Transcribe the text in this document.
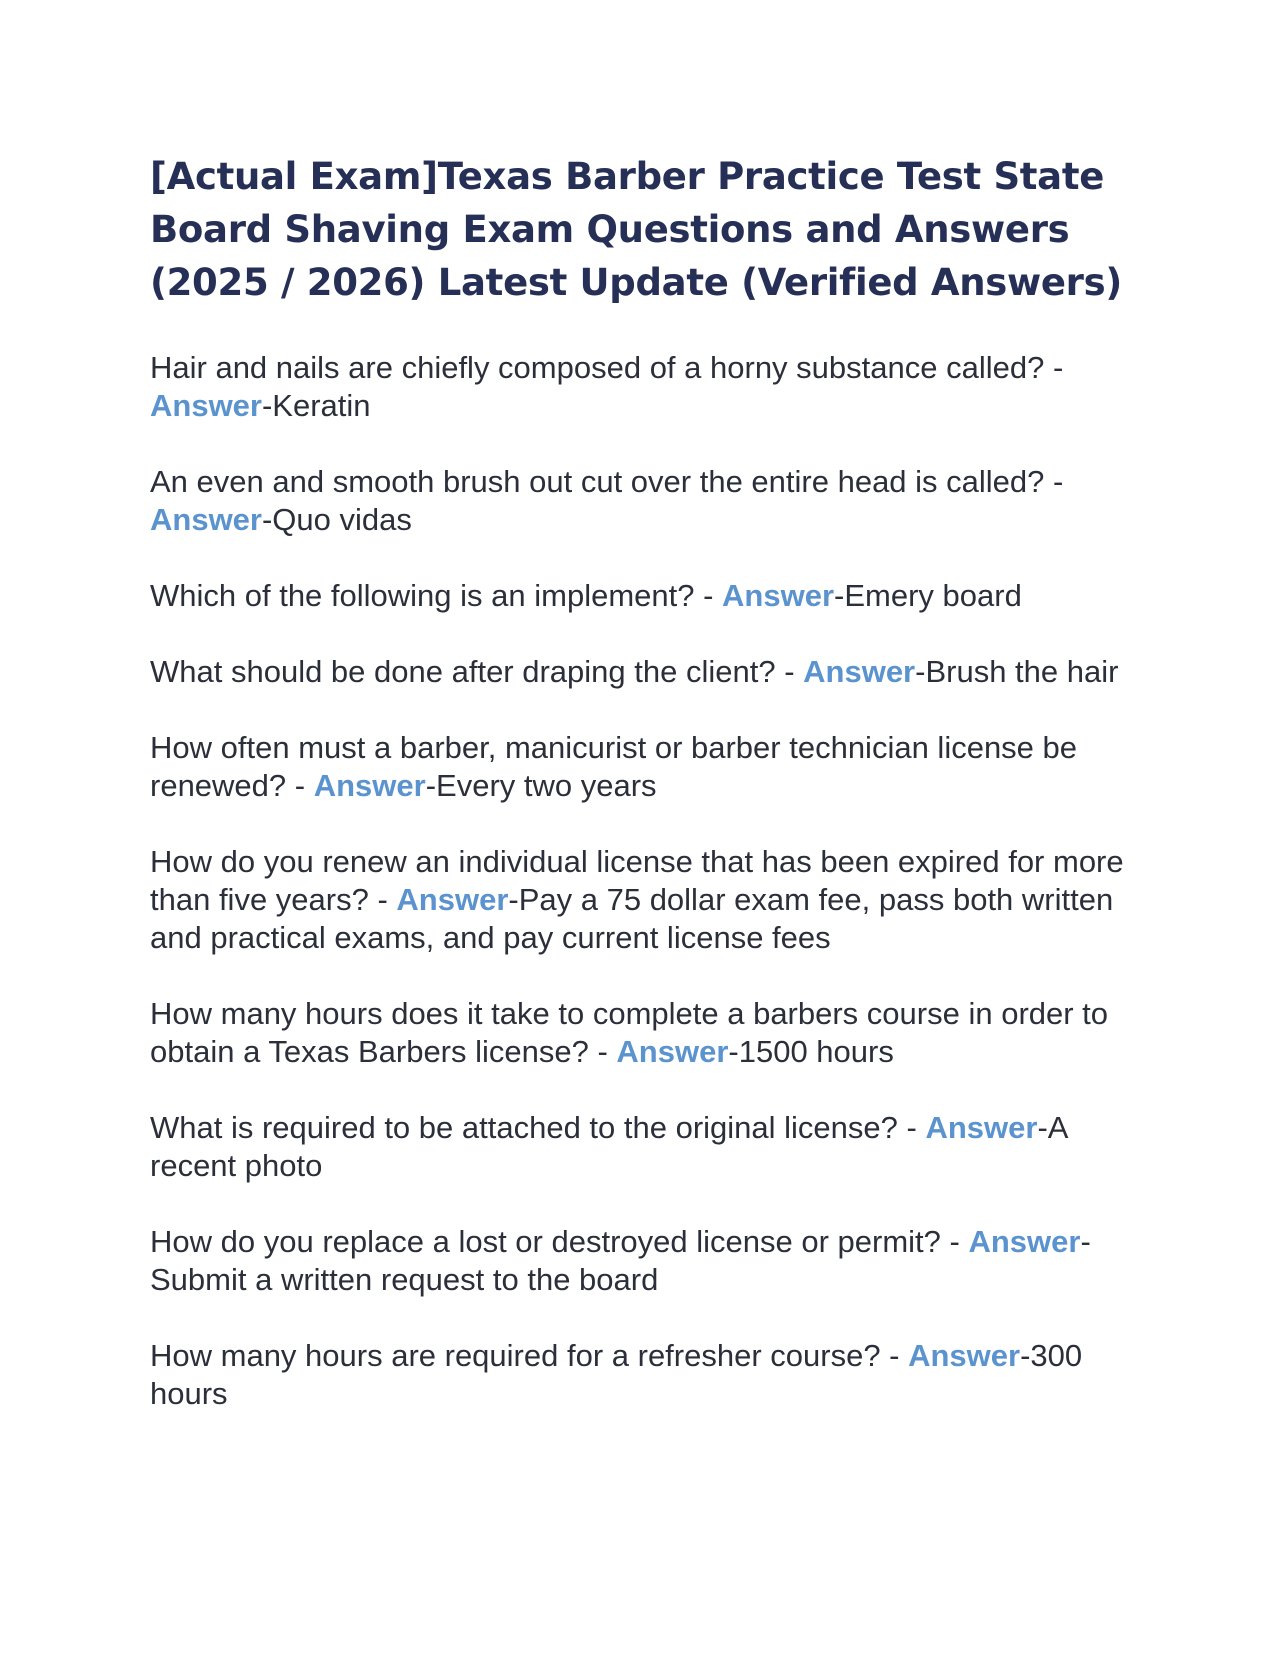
[Actual Exam]Texas Barber Practice Test State Board Shaving Exam Questions and Answers (2025 / 2026) Latest Update (Verified Answers)
Hair and nails are chiefly composed of a horny substance called? - Answer-Keratin
An even and smooth brush out cut over the entire head is called? - Answer-Quo vidas
Which of the following is an implement? - Answer-Emery board
What should be done after draping the client? - Answer-Brush the hair
How often must a barber, manicurist or barber technician license be renewed? - Answer-Every two years
How do you renew an individual license that has been expired for more than five years? - Answer-Pay a 75 dollar exam fee, pass both written and practical exams, and pay current license fees
How many hours does it take to complete a barbers course in order to obtain a Texas Barbers license? - Answer-1500 hours
What is required to be attached to the original license? - Answer-A recent photo
How do you replace a lost or destroyed license or permit? - Answer-Submit a written request to the board
How many hours are required for a refresher course? - Answer-300 hours
